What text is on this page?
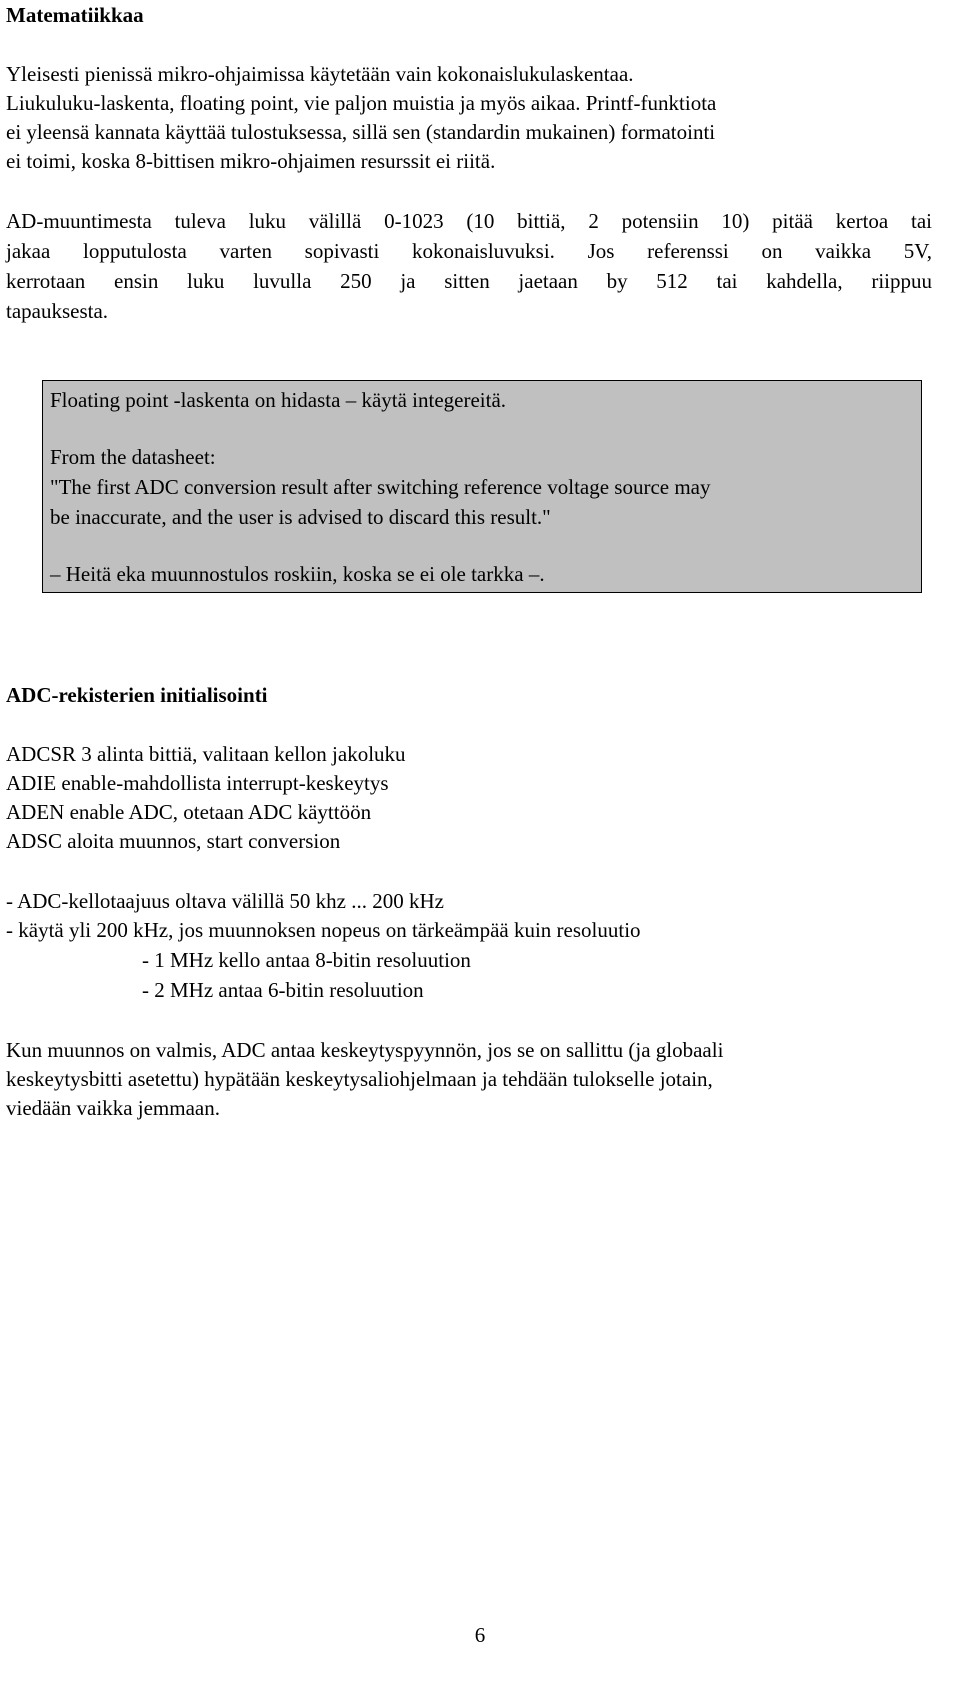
Matematiikkaa
Yleisesti pienissä mikro-ohjaimissa käytetään vain kokonaislukulaskentaa.
Liukuluku-laskenta, floating point, vie paljon muistia ja myös aikaa. Printf-funktiota
ei yleensä kannata käyttää tulostuksessa, sillä sen (standardin mukainen) formatointi
ei toimi, koska 8-bittisen mikro-ohjaimen resurssit ei riitä.
AD-muuntimesta tuleva luku välillä 0-1023 (10 bittiä, 2 potensiin 10) pitää kertoa tai
jakaa lopputulosta varten sopivasti kokonaisluvuksi. Jos referenssi on vaikka 5V,
kerrotaan ensin luku luvulla 250 ja sitten jaetaan by 512 tai kahdella, riippuu
tapauksesta.
Floating point -laskenta on hidasta – käytä integereitä.
From the datasheet:
"The first ADC conversion result after switching reference voltage source may
be inaccurate, and the user is advised to discard this result."
– Heitä eka muunnostulos roskiin, koska se ei ole tarkka –.
ADC-rekisterien initialisointi
ADCSR 3 alinta bittiä, valitaan kellon jakoluku
ADIE enable-mahdollista interrupt-keskeytys
ADEN enable ADC, otetaan ADC käyttöön
ADSC aloita muunnos, start conversion
- ADC-kellotaajuus oltava välillä 50 khz ... 200 kHz
- käytä yli 200 kHz, jos muunnoksen nopeus on tärkeämpää kuin resoluutio
- 1 MHz kello antaa 8-bitin resoluution
- 2 MHz antaa 6-bitin resoluution
Kun muunnos on valmis, ADC antaa keskeytyspyynnön, jos se on sallittu (ja globaali
keskeytysbitti asetettu) hypätään keskeytysaliohjelmaan ja tehdään tulokselle jotain,
viedään vaikka jemmaan.
6
